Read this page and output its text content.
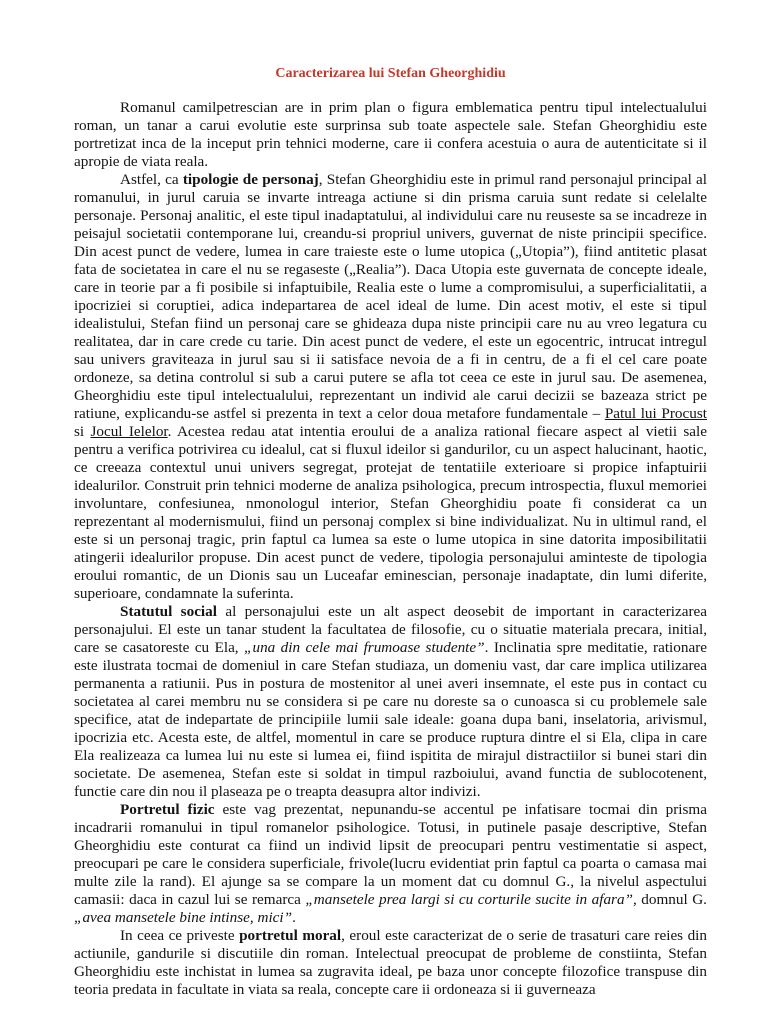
Caracterizarea lui Stefan Gheorghidiu

Romanul camilpetrescian are in prim plan o figura emblematica pentru tipul intelectualului roman, un tanar a carui evolutie este surprinsa sub toate aspectele sale. Stefan Gheorghidiu este portretizat inca de la inceput prin tehnici moderne, care ii confera acestuia o aura de autenticitate si il apropie de viata reala.

Astfel, ca tipologie de personaj, Stefan Gheorghidiu este in primul rand personajul principal al romanului, in jurul caruia se invarte intreaga actiune si din prisma caruia sunt redate si celelalte personaje. Personaj analitic, el este tipul inadaptatului, al individului care nu reuseste sa se incadreze in peisajul societatii contemporane lui, creandu-si propriul univers, guvernat de niste principii specifice. Din acest punct de vedere, lumea in care traieste este o lume utopica („Utopia”), fiind antitetic plasat fata de societatea in care el nu se regaseste („Realia”). Daca Utopia este guvernata de concepte ideale, care in teorie par a fi posibile si infaptuibile, Realia este o lume a compromisului, a superficialitatii, a ipocriziei si coruptiei, adica indepartarea de acel ideal de lume. Din acest motiv, el este si tipul idealistului, Stefan fiind un personaj care se ghideaza dupa niste principii care nu au vreo legatura cu realitatea, dar in care crede cu tarie. Din acest punct de vedere, el este un egocentric, intrucat intregul sau univers graviteaza in jurul sau si ii satisface nevoia de a fi in centru, de a fi el cel care poate ordoneze, sa detina controlul si sub a carui putere se afla tot ceea ce este in jurul sau. De asemenea, Gheorghidiu este tipul intelectualului, reprezentant un individ ale carui decizii se bazeaza strict pe ratiune, explicandu-se astfel si prezenta in text a celor doua metafore fundamentale – Patul lui Procust si Jocul Ielelor. Acestea redau atat intentia eroului de a analiza rational fiecare aspect al vietii sale pentru a verifica potrivirea cu idealul, cat si fluxul ideilor si gandurilor, cu un aspect halucinant, haotic, ce creeaza contextul unui univers segregat, protejat de tentatiile exterioare si propice infaptuirii idealurilor. Construit prin tehnici moderne de analiza psihologica, precum introspectia, fluxul memoriei involuntare, confesiunea, nmonologul interior, Stefan Gheorghidiu poate fi considerat ca un reprezentant al modernismului, fiind un personaj complex si bine individualizat. Nu in ultimul rand, el este si un personaj tragic, prin faptul ca lumea sa este o lume utopica in sine datorita imposibilitatii atingerii idealurilor propuse. Din acest punct de vedere, tipologia personajului aminteste de tipologia eroului romantic, de un Dionis sau un Luceafar eminescian, personaje inadaptate, din lumi diferite, superioare, condamnate la suferinta.

Statutul social al personajului este un alt aspect deosebit de important in caracterizarea personajului. El este un tanar student la facultatea de filosofie, cu o situatie materiala precara, initial, care se casatoreste cu Ela, „una din cele mai frumoase studente”. Inclinatia spre meditatie, rationare este ilustrata tocmai de domeniul in care Stefan studiaza, un domeniu vast, dar care implica utilizarea permanenta a ratiunii. Pus in postura de mostenitor al unei averi insemnate, el este pus in contact cu societatea al carei membru nu se considera si pe care nu doreste sa o cunoasca si cu problemele sale specifice, atat de indepartate de principiile lumii sale ideale: goana dupa bani, inselatoria, arivismul, ipocrizia etc. Acesta este, de altfel, momentul in care se produce ruptura dintre el si Ela, clipa in care Ela realizeaza ca lumea lui nu este si lumea ei, fiind ispitita de mirajul distractiilor si bunei stari din societate. De asemenea, Stefan este si soldat in timpul razboiului, avand functia de sublocotenent, functie care din nou il plaseaza pe o treapta deasupra altor indivizi.

Portretul fizic este vag prezentat, nepunandu-se accentul pe infatisare tocmai din prisma incadrarii romanului in tipul romanelor psihologice. Totusi, in putinele pasaje descriptive, Stefan Gheorghidiu este conturat ca fiind un individ lipsit de preocupari pentru vestimentatie si aspect, preocupari pe care le considera superficiale, frivole(lucru evidentiat prin faptul ca poarta o camasa mai multe zile la rand). El ajunge sa se compare la un moment dat cu domnul G., la nivelul aspectului camasii: daca in cazul lui se remarca „mansetele prea largi si cu corturile sucite in afara”, domnul G. „avea mansetele bine intinse, mici”.

In ceea ce priveste portretul moral, eroul este caracterizat de o serie de trasaturi care reies din actiunile, gandurile si discutiile din roman. Intelectual preocupat de probleme de constiinta, Stefan Gheorghidiu este inchistat in lumea sa zugravita ideal, pe baza unor concepte filozofice transpuse din teoria predata in facultate in viata sa reala, concepte care ii ordoneaza si ii guverneaza
